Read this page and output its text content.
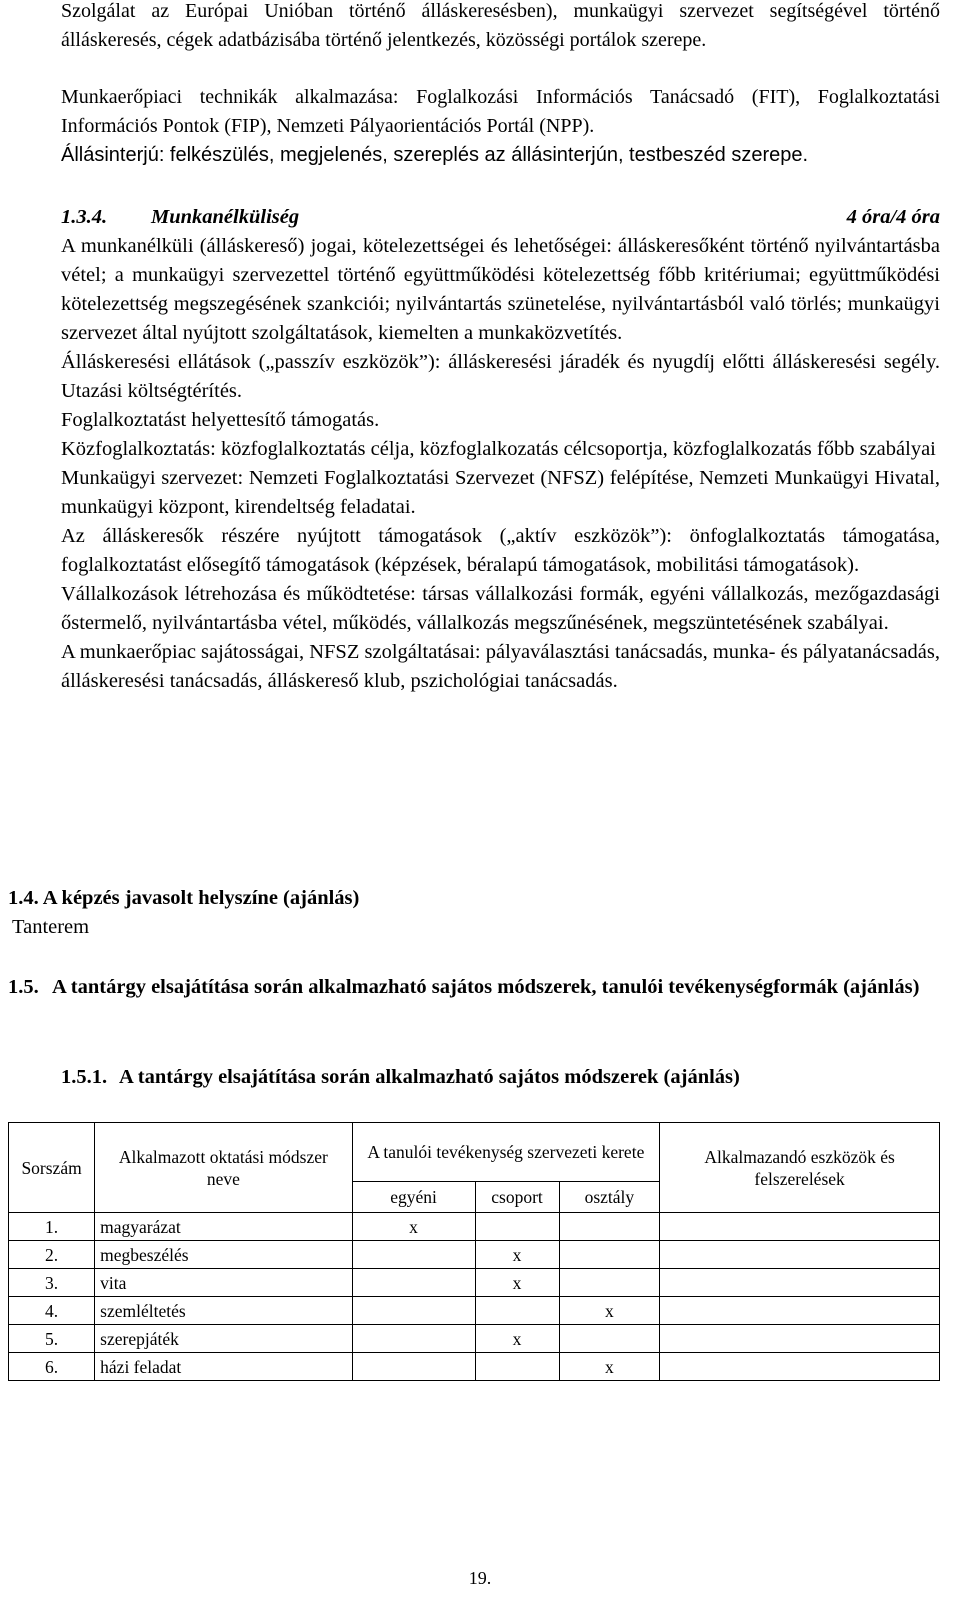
Szolgálat az Európai Unióban történő álláskeresésben), munkaügyi szervezet segítségével történő álláskeresés, cégek adatbázisába történő jelentkezés, közösségi portálok szerepe.
Munkaerőpiaci technikák alkalmazása: Foglalkozási Információs Tanácsadó (FIT), Foglalkoztatási Információs Pontok (FIP), Nemzeti Pályaorientációs Portál (NPP).
Állásinterjú: felkészülés, megjelenés, szereplés az állásinterjún, testbeszéd szerepe.
1.3.4. Munkanélküliség	4 óra/4 óra

A munkanélküli (álláskereső) jogai, kötelezettségei és lehetőségei: álláskeresőként történő nyilvántartásba vétel; a munkaügyi szervezettel történő együttműködési kötelezettség főbb kritériumai; együttműködési kötelezettség megszegésének szankciói; nyilvántartás szünetelése, nyilvántartásból való törlés; munkaügyi szervezet által nyújtott szolgáltatások, kiemelten a munkaközvetítés.

Álláskeresési ellátások („passzív eszközök”): álláskeresési járadék és nyugdíj előtti álláskeresési segély. Utazási költségtérítés.

Foglalkoztatást helyettesítő támogatás.

Közfoglalkoztatás: közfoglalkoztatás célja, közfoglalkozatás célcsoportja, közfoglalkozatás főbb szabályai

Munkaügyi szervezet: Nemzeti Foglalkoztatási Szervezet (NFSZ) felépítése, Nemzeti Munkaügyi Hivatal, munkaügyi központ, kirendeltség feladatai.

Az álláskeresők részére nyújtott támogatások („aktív eszközök”): önfoglalkoztatás támogatása, foglalkoztatást elősegítő támogatások (képzések, béralapú támogatások, mobilitási támogatások).

Vállalkozások létrehozása és működtetése: társas vállalkozási formák, egyéni vállalkozás, mezőgazdasági őstermelő, nyilvántartásba vétel, működés, vállalkozás megszűnésének, megszüntetésének szabályai.

A munkaerőpiac sajátosságai, NFSZ szolgáltatásai: pályaválasztási tanácsadás, munka- és pályatanácsadás, álláskeresési tanácsadás, álláskereső klub, pszichológiai tanácsadás.

1.4. A képzés javasolt helyszíne (ajánlás)
Tanterem
1.5. A tantárgy elsajátítása során alkalmazható sajátos módszerek, tanulói tevékenységformák (ajánlás)
1.5.1. A tantárgy elsajátítása során alkalmazható sajátos módszerek (ajánlás)
Sorszám	Alkalmazott oktatási módszer neve	A tanulói tevékenység szervezeti kerete			Alkalmazandó eszközök és felszerelések
		egyéni	csoport	osztály	
1.	magyarázat	x			
2.	megbeszélés		x		
3.	vita		x		
4.	szemléltetés			x	
5.	szerepjáték		x		
6.	házi feladat			x	
19.
